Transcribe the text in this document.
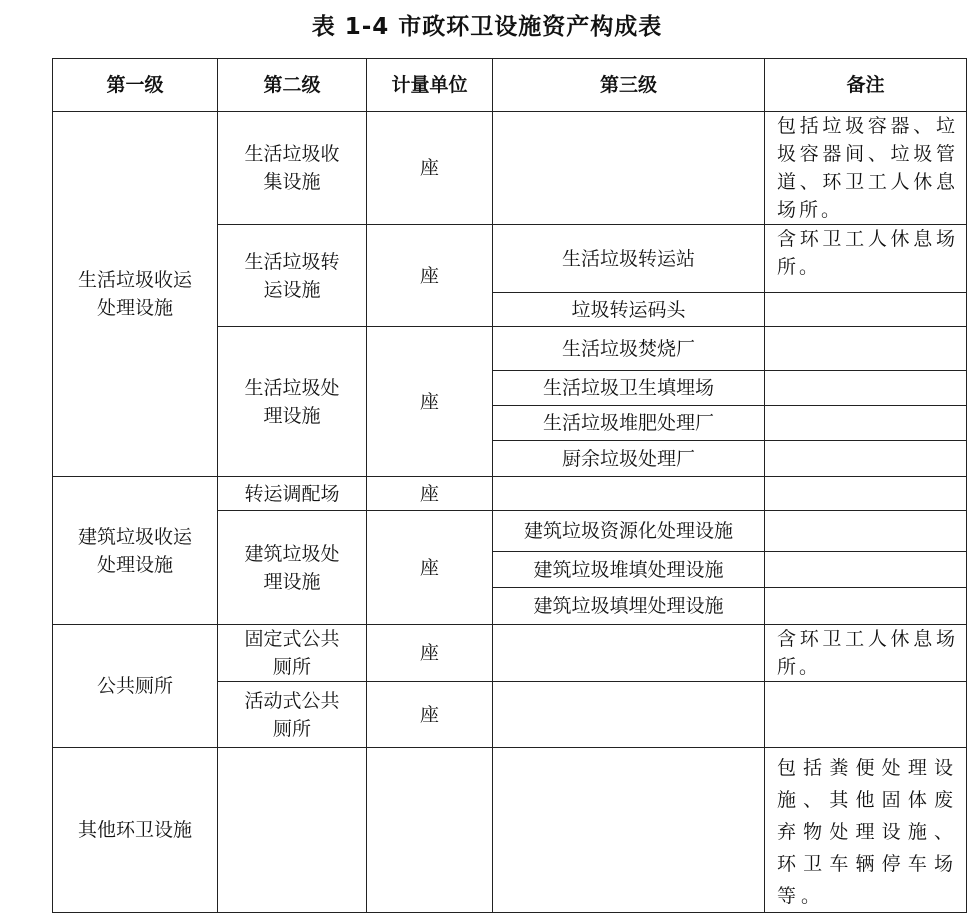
表 1-4 市政环卫设施资产构成表
第一级	第二级	计量单位	第三级	备注
生活垃圾收运处理设施	生活垃圾收集设施	座		包括垃圾容器、垃圾容器间、垃圾管道、环卫工人休息场所。

	生活垃圾转运设施	座	生活垃圾转运站	含环卫工人休息场所。

			垃圾转运码头	
	生活垃圾处理设施	座	生活垃圾焚烧厂	
			生活垃圾卫生填埋场	
			生活垃圾堆肥处理厂	
			厨余垃圾处理厂	

建筑垃圾收运处理设施	转运调配场	座		
	建筑垃圾处理设施	座	建筑垃圾资源化处理设施	
			建筑垃圾堆填处理设施	
			建筑垃圾填埋处理设施	
公共厕所	固定式公共厕所	座		含环卫工人休息场所。

	活动式公共厕所	座		
其他环卫设施				包括粪便处理设施、其他固体废弃物处理设施、环卫车辆停车场等。
